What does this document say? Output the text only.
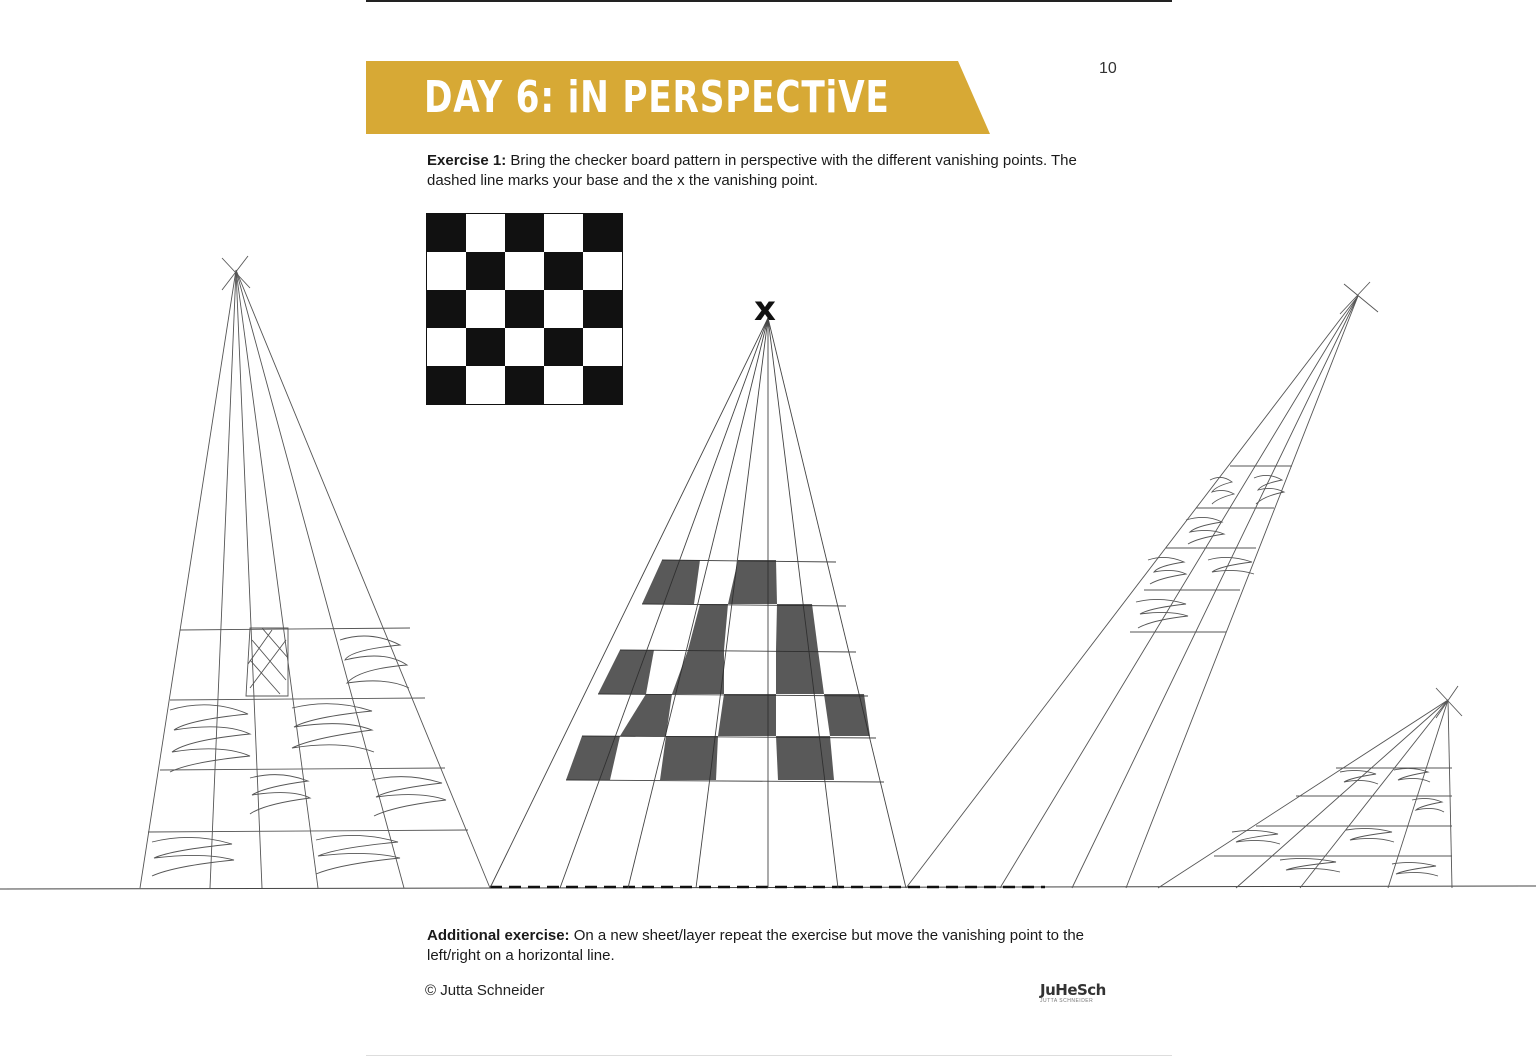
DAY 6: iN PERSPECTiVE
10
Exercise 1: Bring the checker board pattern in perspective with the different vanishing points. The dashed line marks your base and the x the vanishing point.
x
Additional exercise: On a new sheet/layer repeat the exercise but move the vanishing point to the left/right on a horizontal line.
© Jutta Schneider	JuHeSch
JUTTA SCHNEIDER
